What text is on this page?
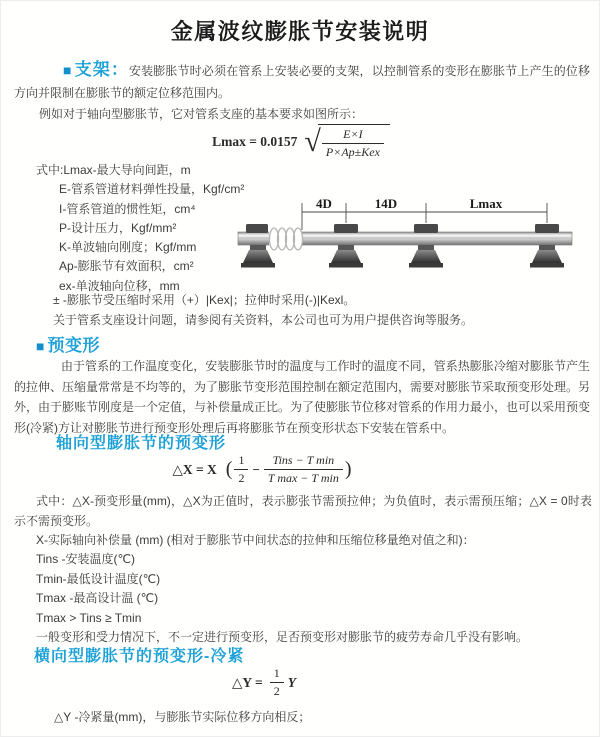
金属波纹膨胀节安装说明
■ 支架：安装膨胀节时必须在管系上安装必要的支架，以控制管系的变形在膨胀节上产生的位移方向并限制在膨胀节的额定位移范围内。
例如对于轴向型膨胀节，它对管系支座的基本要求如图所示：
Lmax = 0.0157 √ $\frac{E\times I}{\text{P×Ap±Kex}}$
式中:Lmax-最大导向间距，m
E-管系管道材料弹性投量，Kgf/cm²
I-管系管道的惯性矩，cm⁴
P-设计压力，Kgf/mm²
K-单波轴向刚度；Kgf/mm
Ap-膨胀节有效面积，cm²
ex-单波轴向位移，mm
4D	14D	Lmax
± -膨胀节受压缩时采用（+）|Kex|；拉伸时采用(-)|Kexl。
关于管系支座设计问题，请参阅有关资料，本公司也可为用户提供咨询等服务。
■ 预变形
由于管系的工作温度变化，安装膨胀节时的温度与工作时的温度不同，管系热膨胀冷缩对膨胀节产生的拉伸、压缩量常常是不均等的，为了膨胀节变形范围控制在额定范围内，需要对膨胀节采取预变形处理。另外，由于膨账节刚度是一个定值，与补偿量成正比。为了使膨胀节位移对管系的作用力最小，也可以采用预变形(冷紧)方让对膨胀节进行预变形处理后再将膨胀节在预变形状态下安装在管系中。
轴向型膨胀节的预变形
△X = X ( $\frac{1}{2} - \frac{\text{Tins − T min}}{\text{T max − T min}}$ )
式中：△X-预变形量(mm)，△X为正值时，表示膨张节需预拉伸；为负值时，表示需预压缩；△X = 0时表示不需预变形。
X-实际轴向补偿量 (mm) (相对于膨胀节中间状态的拉伸和压缩位移量绝对值之和)：
Tins -安装温度(℃)
Tmin-最低设计温度(℃)
Tmax -最高设计温 (℃)
Tmax > Tins ≥ Tmin
一般变形和受力情况下，不一定进行预变形，足否预变形对膨胀节的疲劳寿命几乎没有影响。
横向型膨胀节的预变形-冷紧
△Y = $\frac{1}{2}$ Y
△Y -冷紧量(mm)，与膨胀节实际位移方向相反；
